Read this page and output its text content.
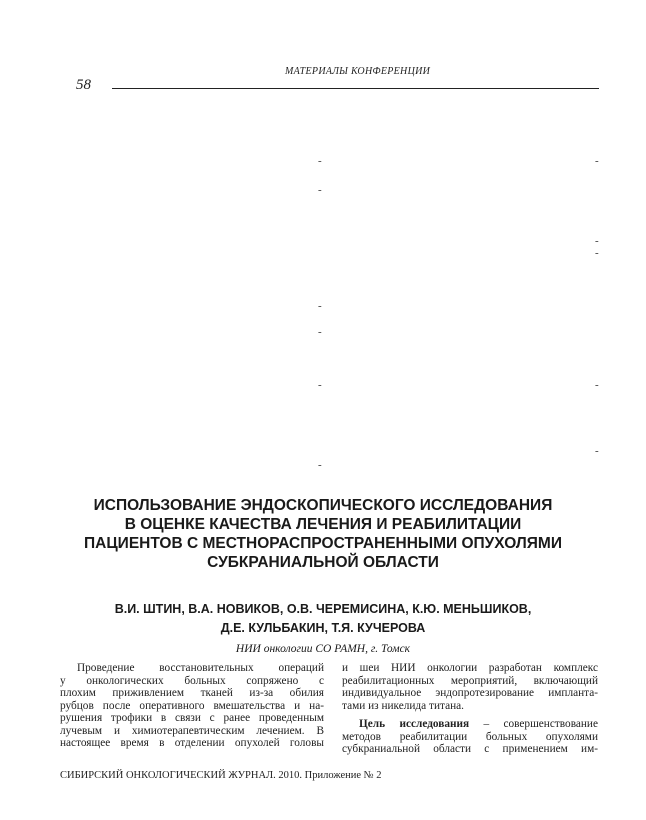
МАТЕРИАЛЫ КОНФЕРЕНЦИИ
58
-
-
-
-
-
-
-
-
-
-
-
ИСПОЛЬЗОВАНИЕ ЭНДОСКОПИЧЕСКОГО ИССЛЕДОВАНИЯ
В ОЦЕНКЕ КАЧЕСТВА ЛЕЧЕНИЯ И РЕАБИЛИТАЦИИ
ПАЦИЕНТОВ С МЕСТНОРАСПРОСТРАНЕННЫМИ ОПУХОЛЯМИ
СУБКРАНИАЛЬНОЙ ОБЛАСТИ
В.И. ШТИН, В.А. НОВИКОВ, О.В. ЧЕРЕМИСИНА, К.Ю. МЕНЬШИКОВ,
Д.Е. КУЛЬБАКИН, Т.Я. КУЧЕРОВА
НИИ онкологии СО РАМН, г. Томск
Проведение восстановительных операций
у онкологических больных сопряжено с
плохим приживлением тканей из-за обилия
рубцов после оперативного вмешательства и на-
рушения трофики в связи с ранее проведенным
лучевым и химиотерапевтическим лечением. В
настоящее время в отделении опухолей головы
и шеи НИИ онкологии разработан комплекс
реабилитационных мероприятий, включающий
индивидуальное эндопротезирование импланта-
тами из никелида титана.
Цель исследования – совершенствование
методов реабилитации больных опухолями
субкраниальной области с применением им-
СИБИРСКИЙ ОНКОЛОГИЧЕСКИЙ ЖУРНАЛ. 2010. Приложение № 2
